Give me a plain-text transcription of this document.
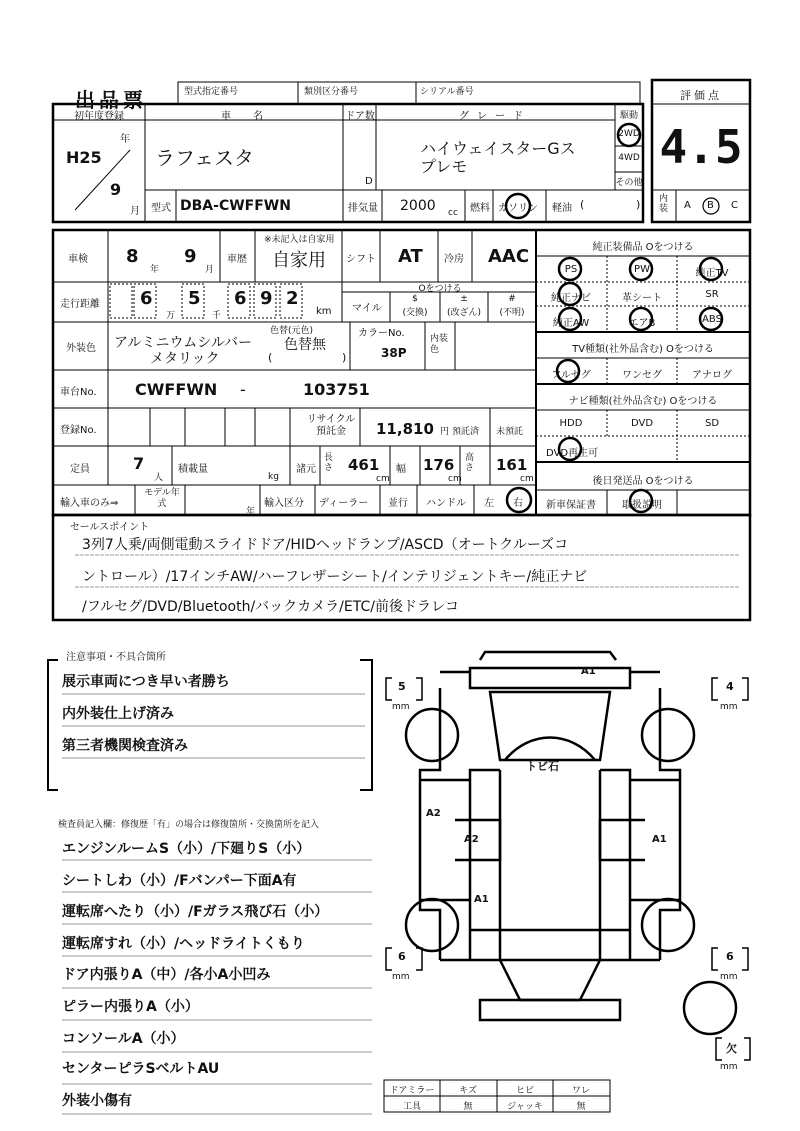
出品票	型式指定番号	類別区分番号	シリアル番号	評価点
4.5
初年度登録
H25
年
9
月
車　名
ラフェスタ
ドア数
D
グレード
ハイウェイスターGス
プレモ
駆動
2WD
4WD
その他
型式 DBA-CWFFWN	排気量 2000 cc 燃料 ガソリン 軽油 (	) 内装 A B C
車検 8
年
9
月
車歴
※未記入は自家用
自家用 シフト AT 冷房 AAC
走行距離 6
万
5
千
6 9 2
km
Oをつける
マイル
$
(交換)
±
(改ざん)
#
(不明)
外装色 アルミニウムシルバー
メタリック
色替(元色)
色替無
(	)
カラーNo.
38P
内装色
車台No. CWFFWN -	103751
登録No.
リサイクル預託金	11,810 円 預託済 未預託
定員	7
人
積載量
kg
諸元
長さ 461
cm
幅 176
cm
高さ 161
cm
輸入車のみ⇒
モデル年式
年
輸入区分 ディーラー 並行 ハンドル 左 右
純正装備品 Oをつける
PS	PW	純正TV
純正ナビ	革シート	SR
純正AW	エアB	ABS
TV種類(社外品含む) Oをつける
フルセグ	ワンセグ	アナログ
ナビ種類(社外品含む) Oをつける
HDD	DVD	SD
DVD再生可
後日発送品 Oをつける
新車保証書	取扱説明
セールスポイント
3列7人乗/両側電動スライドドア/HIDヘッドランプ/ASCD（オートクルーズコ
ントロール）/17インチAW/ハーフレザーシート/インテリジェントキー/純正ナビ
/フルセグ/DVD/Bluetooth/バックカメラ/ETC/前後ドラレコ
注意事項・不具合箇所
展示車両につき早い者勝ち
内外装仕上げ済み
第三者機関検査済み
検査員記入欄：修復歴「有」の場合は修復箇所・交換箇所を記入
エンジンルームS（小）/下廻りS（小）
シートしわ（小）/Fバンパー下面A有
運転席へたり（小）/Fガラス飛び石（小）
運転席すれ（小）/ヘッドライトくもり
ドア内張りA（中）/各小A小凹み
ピラー内張りA（小）
コンソールA（小）
センターピラSベルトAU
外装小傷有
A1
トビ石
A2
A2	A1
A1
5
mm
4
mm
6
mm
6
mm
欠
mm
ドアミラー	キズ	ヒビ	ワレ
工具	無	ジャッキ	無
